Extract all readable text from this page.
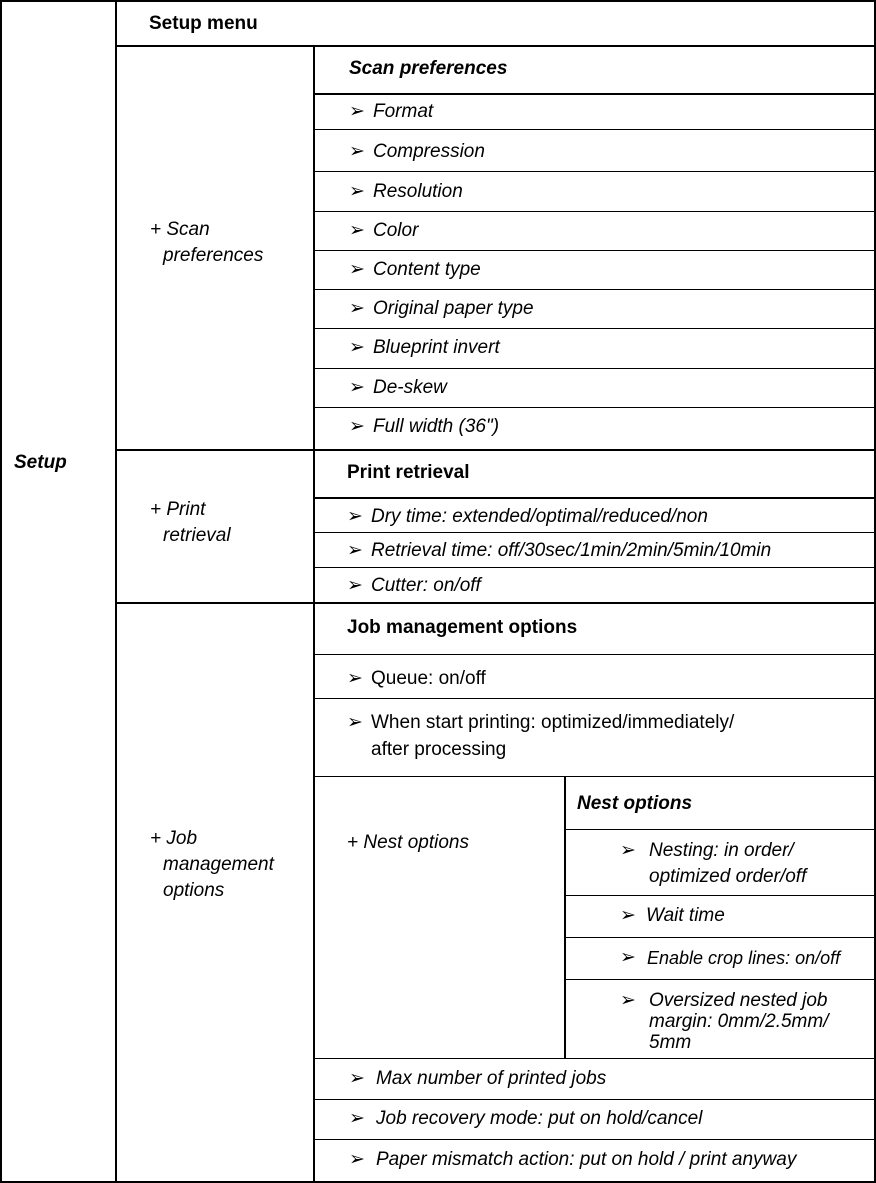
Setup
Setup menu
+ Scan
preferences
Scan preferences
➢ Format
➢ Compression
➢ Resolution
➢ Color
➢ Content type
➢ Original paper type
➢ Blueprint invert
➢ De-skew
➢ Full width (36")
+ Print
retrieval
Print retrieval
➢ Dry time: extended/optimal/reduced/non
➢ Retrieval time: off/30sec/1min/2min/5min/10min
➢ Cutter: on/off
+ Job
management
options
Job management options
➢ Queue: on/off
➢ When start printing: optimized/immediately/
after processing
+ Nest options
Nest options
➢ Nesting: in order/
optimized order/off
➢ Wait time
➢ Enable crop lines: on/off
➢ Oversized nested job
margin: 0mm/2.5mm/
5mm
➢ Max number of printed jobs
➢ Job recovery mode: put on hold/cancel
➢ Paper mismatch action: put on hold / print anyway
